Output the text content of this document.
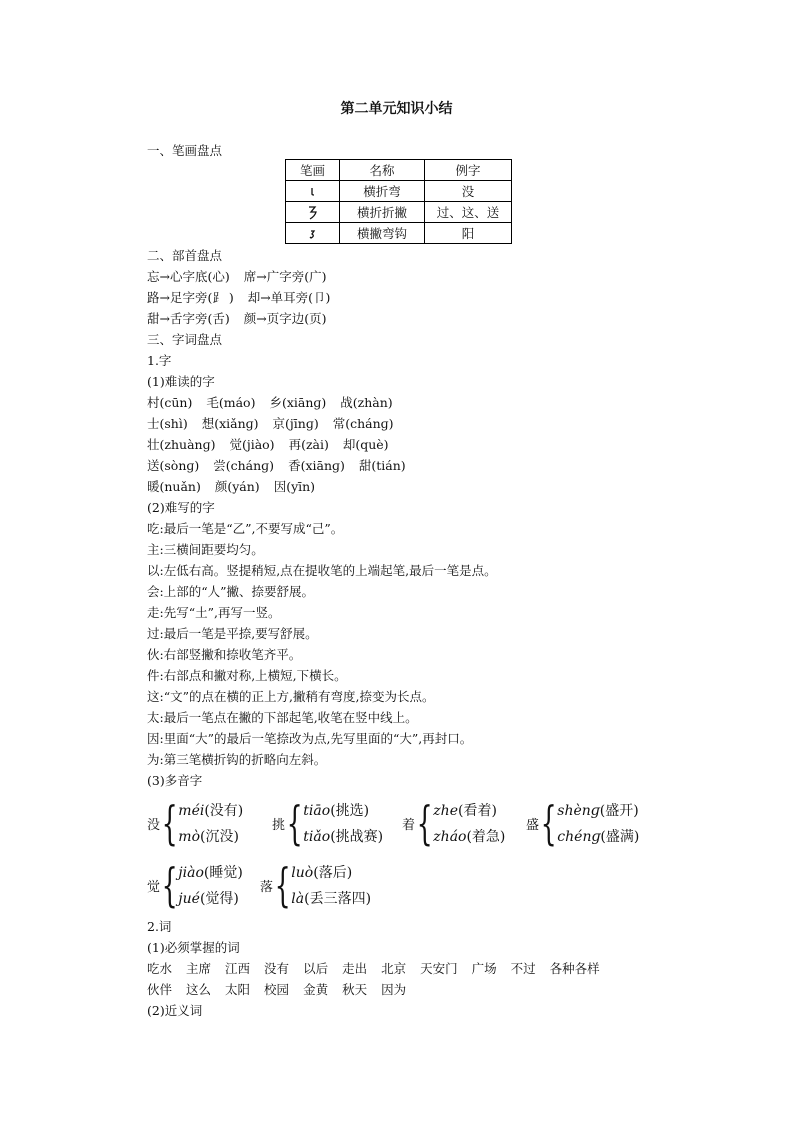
第二单元知识小结
一、笔画盘点
笔画	名称	例字

	横折弯	没

	横折折撇	过、这、送

	横撇弯钩	阳
二、部首盘点
忘→心字底(心) 席→广字旁(广)
路→足字旁(⻊ ) 却→单耳旁(卩)
甜→舌字旁(舌) 颜→页字边(页)
三、字词盘点
1.字
(1)难读的字
村(cūn) 毛(máo) 乡(xiānɡ) 战(zhàn)
士(shì) 想(xiǎnɡ) 京(jīnɡ) 常(chánɡ)
壮(zhuànɡ) 觉(jiào) 再(zài) 却(què)
送(sònɡ) 尝(chánɡ) 香(xiānɡ) 甜(tián)
暖(nuǎn) 颜(yán) 因(yīn)
(2)难写的字
吃:最后一笔是“乙”,不要写成“己”。
主:三横间距要均匀。
以:左低右高。竖提稍短,点在提收笔的上端起笔,最后一笔是点。
会:上部的“人”撇、捺要舒展。
走:先写“土”,再写一竖。
过:最后一笔是平捺,要写舒展。
伙:右部竖撇和捺收笔齐平。
件:右部点和撇对称,上横短,下横长。
这:“文”的点在横的正上方,撇稍有弯度,捺变为长点。
太:最后一笔点在撇的下部起笔,收笔在竖中线上。
因:里面“大”的最后一笔捺改为点,先写里面的“大”,再封口。
为:第三笔横折钩的折略向左斜。
(3)多音字
没 { méi(没有)
mò(沉没)
挑 { tiāo(挑选)
tiǎo(挑战赛)
着 { zhe(看着)
zháo(着急)
盛 { shènɡ(盛开)
chénɡ(盛满)
觉 { jiào(睡觉)
jué(觉得)
落 { luò(落后)
là(丢三落四)
2.词
(1)必须掌握的词
吃水 主席 江西 没有 以后 走出 北京 天安门 广场 不过 各种各样
伙伴 这么 太阳 校园 金黄 秋天 因为
(2)近义词
